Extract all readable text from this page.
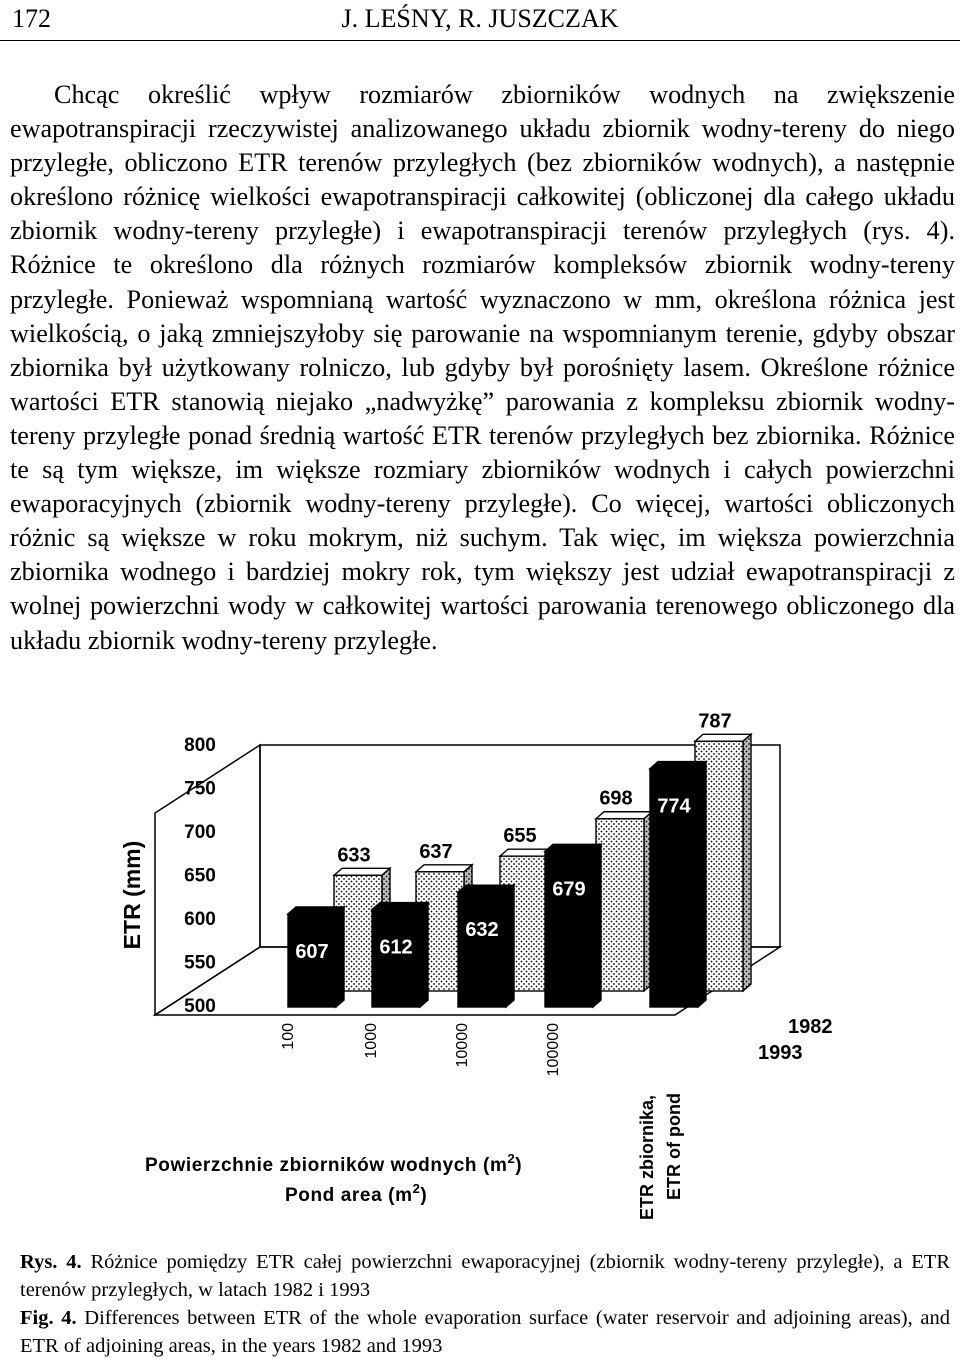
172	J. LEŚNY, R. JUSZCZAK

Chcąc określić wpływ rozmiarów zbiorników wodnych na zwiększenie ewapotranspiracji rzeczywistej analizowanego układu zbiornik wodny-tereny do niego przyległe, obliczono ETR terenów przyległych (bez zbiorników wodnych), a następnie określono różnicę wielkości ewapotranspiracji całkowitej (obliczonej dla całego układu zbiornik wodny-tereny przyległe) i ewapotranspiracji terenów przyległych (rys. 4). Różnice te określono dla różnych rozmiarów kompleksów zbiornik wodny-tereny przyległe. Ponieważ wspomnianą wartość wyznaczono w mm, określona różnica jest wielkością, o jaką zmniejszyłoby się parowanie na wspomnianym terenie, gdyby obszar zbiornika był użytkowany rolniczo, lub gdyby był porośnięty lasem. Określone różnice wartości ETR stanowią niejako „nadwyżkę” parowania z kompleksu zbiornik wodny-tereny przyległe ponad średnią wartość ETR terenów przyległych bez zbiornika. Różnice te są tym większe, im większe rozmiary zbiorników wodnych i całych powierzchni ewaporacyjnych (zbiornik wodny-tereny przyległe). Co więcej, wartości obliczonych różnic są większe w roku mokrym, niż suchym. Tak więc, im większa powierzchnia zbiornika wodnego i bardziej mokry rok, tym większy jest udział ewapotranspiracji z wolnej powierzchni wody w całkowitej wartości parowania terenowego obliczonego dla układu zbiornik wodny-tereny przyległe.

500
550
600
650
700
750
800
633 637
655
698
787
607	612
632
679
774
100	1000	10000	100000
ETR zbiornika, ETR of pond
ETR (mm)
1982
1993
Powierzchnie zbiorników wodnych $(m^2)$
Pond area $(m^2)$

Rys. 4. Różnice pomiędzy ETR całej powierzchni ewaporacyjnej (zbiornik wodny-tereny przyległe), a ETR terenów przyległych, w latach 1982 i 1993

Fig. 4. Differences between ETR of the whole evaporation surface (water reservoir and adjoining areas), and ETR of adjoining areas, in the years 1982 and 1993
